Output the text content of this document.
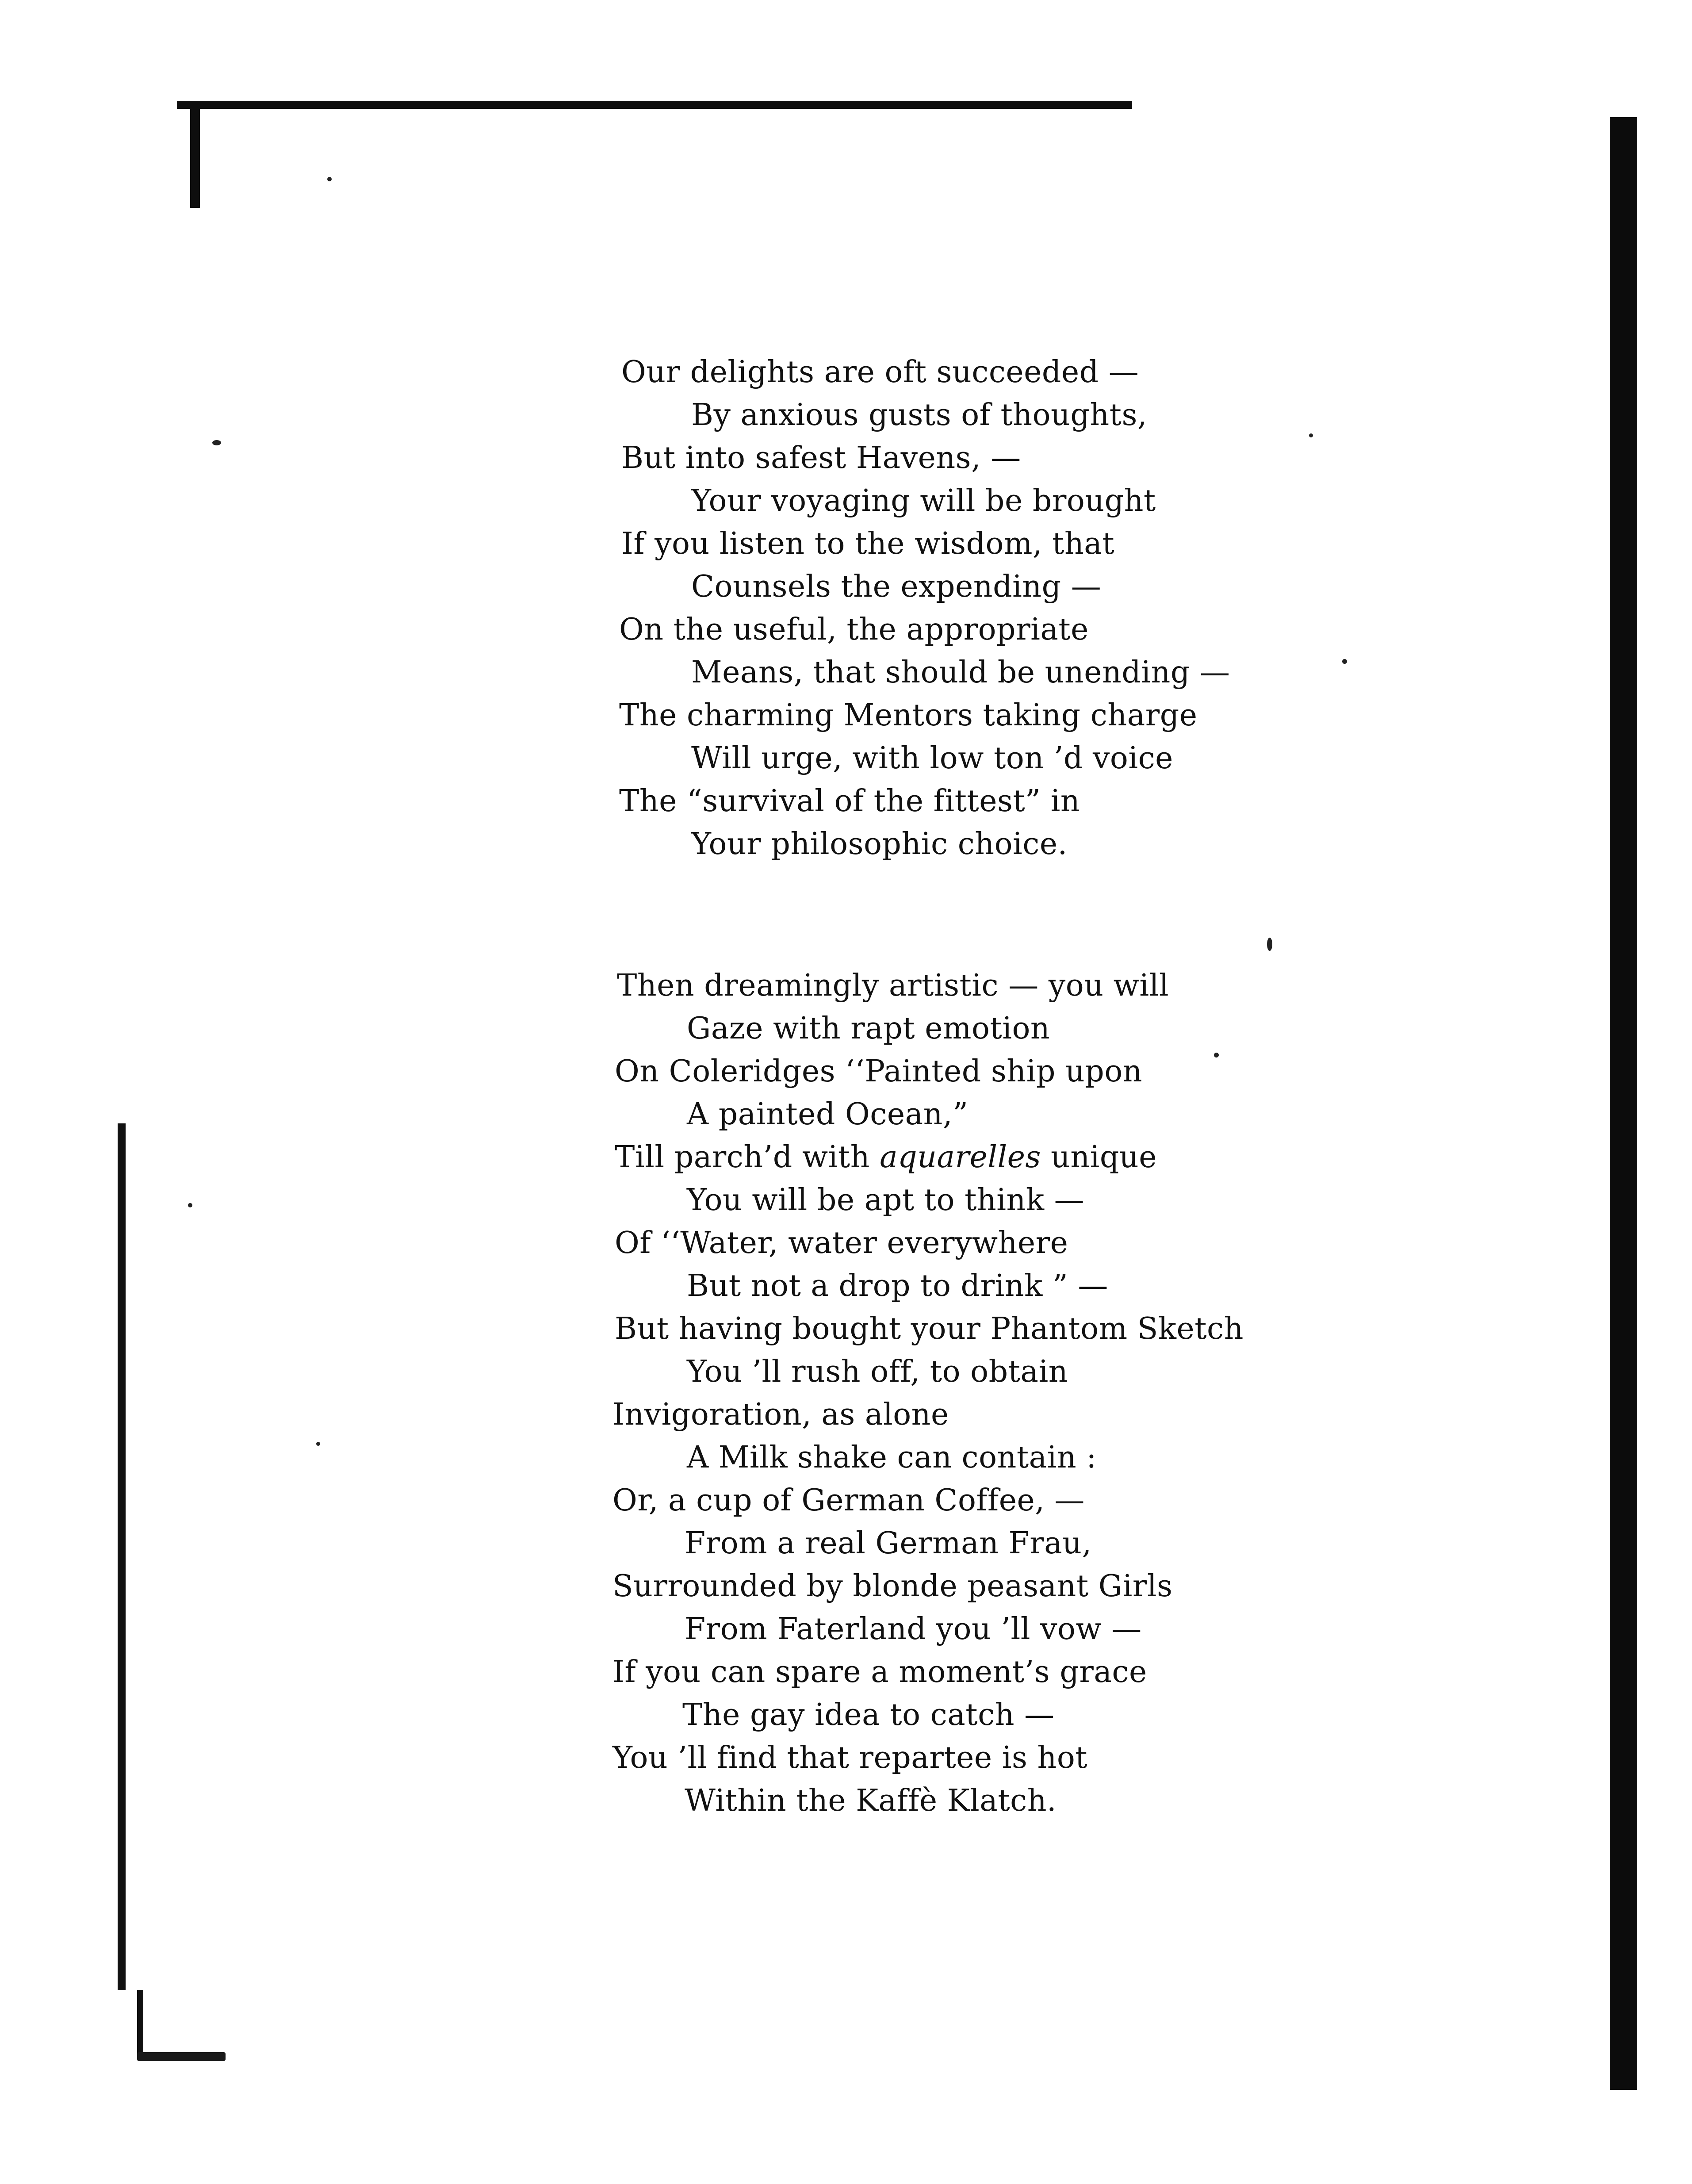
Our delights are oft succeeded —
By anxious gusts of thoughts,
But into safest Havens, —
Your voyaging will be brought
If you listen to the wisdom, that
Counsels the expending —
On the useful, the appropriate
Means, that should be unending —
The charming Mentors taking charge
Will urge, with low ton ’d voice
The “survival of the fittest” in
Your philosophic choice.
Then dreamingly artistic — you will
Gaze with rapt emotion
On Coleridges ‘‘Painted ship upon
A painted Ocean,”
Till parch’d with aquarelles unique
You will be apt to think —
Of ‘‘Water, water everywhere
But not a drop to drink ” —
But having bought your Phantom Sketch
You ’ll rush off, to obtain
Invigoration, as alone
A Milk shake can contain :
Or, a cup of German Coffee, —
From a real German Frau,
Surrounded by blonde peasant Girls
From Faterland you ’ll vow —
If you can spare a moment’s grace
The gay idea to catch —
You ’ll find that repartee is hot
Within the Kaffè Klatch.
